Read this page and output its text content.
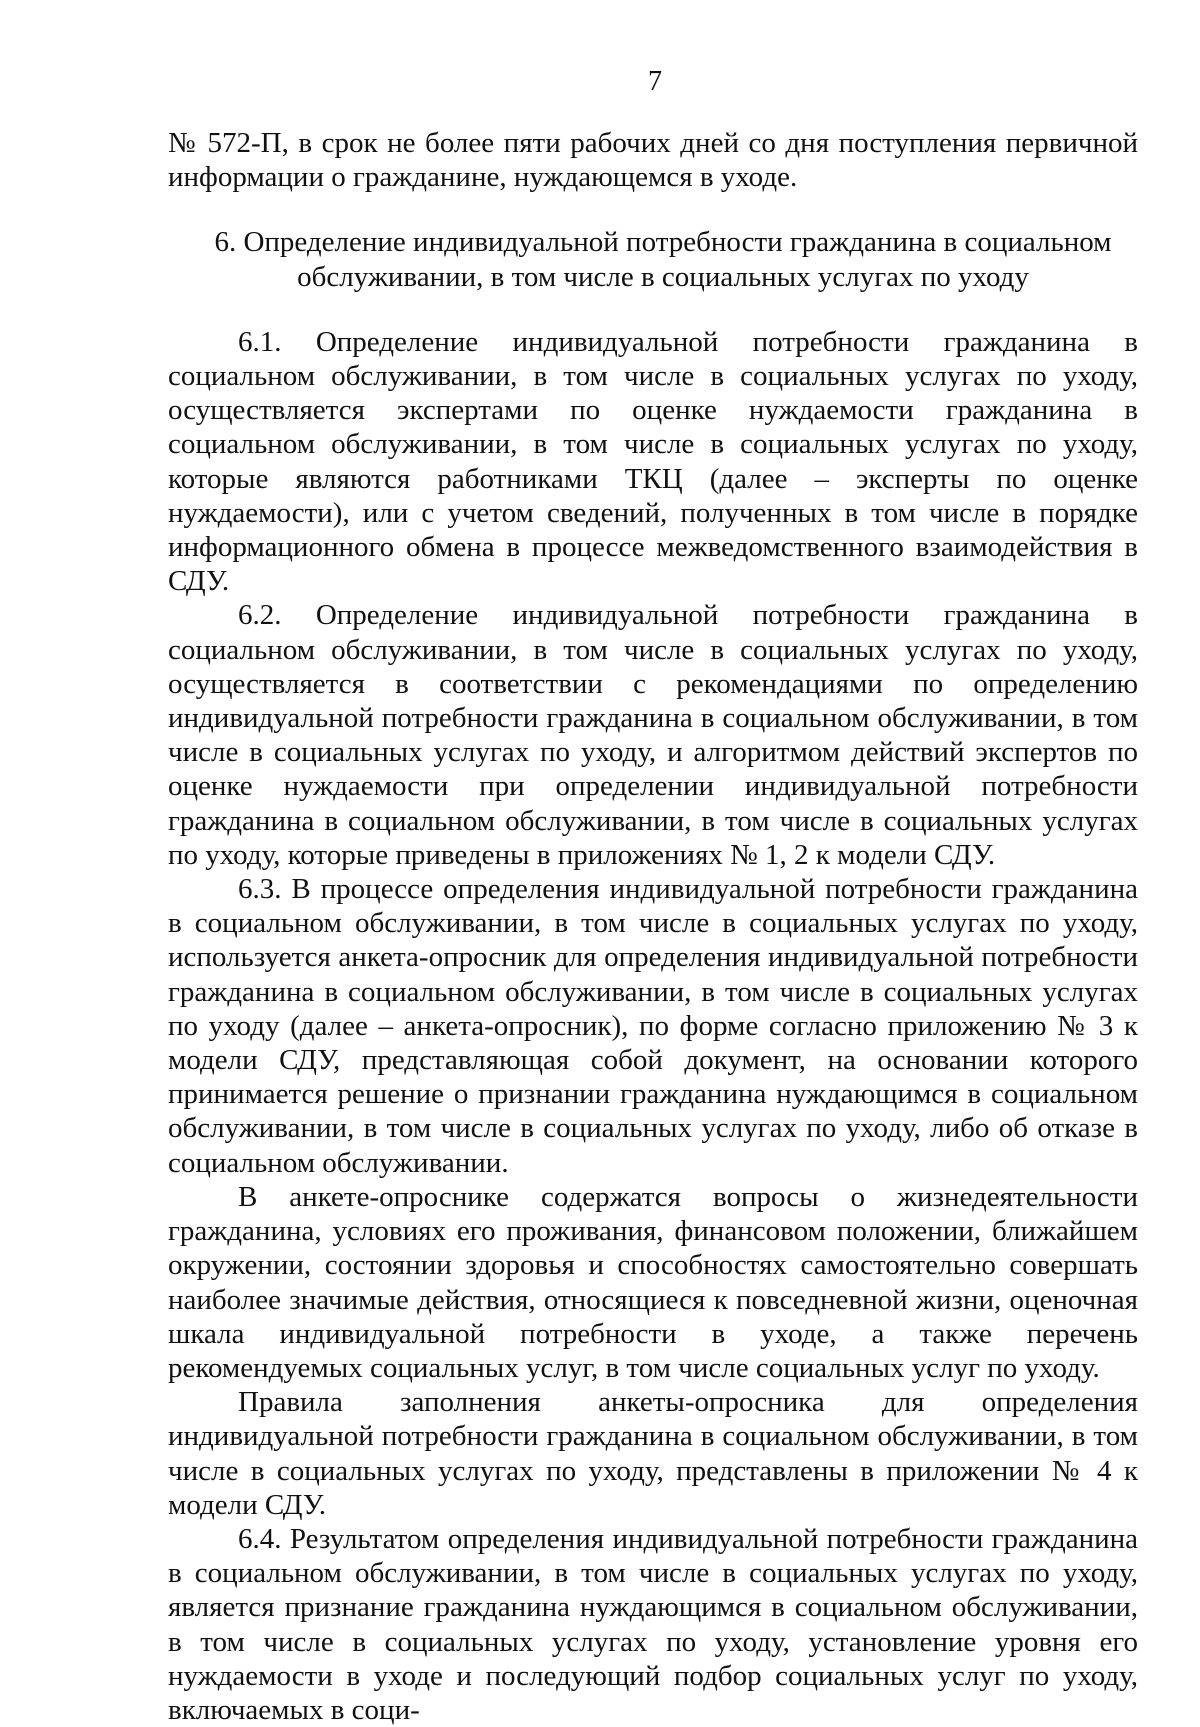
7

№ 572-П, в срок не более пяти рабочих дней со дня поступления первичной информации о гражданине, нуждающемся в уходе.

6. Определение индивидуальной потребности гражданина в социальном обслуживании, в том числе в социальных услугах по уходу

6.1. Определение индивидуальной потребности гражданина в социальном обслуживании, в том числе в социальных услугах по уходу, осуществляется экспертами по оценке нуждаемости гражданина в социальном обслуживании, в том числе в социальных услугах по уходу, которые являются работниками ТКЦ (далее – эксперты по оценке нуждаемости), или с учетом сведений, полученных в том числе в порядке информационного обмена в процессе межведомственного взаимодействия в СДУ.

6.2. Определение индивидуальной потребности гражданина в социальном обслуживании, в том числе в социальных услугах по уходу, осуществляется в соответствии с рекомендациями по определению индивидуальной потребности гражданина в социальном обслуживании, в том числе в социальных услугах по уходу, и алгоритмом действий экспертов по оценке нуждаемости при определении индивидуальной потребности гражданина в социальном обслуживании, в том числе в социальных услугах по уходу, которые приведены в приложениях № 1, 2 к модели СДУ.

6.3. В процессе определения индивидуальной потребности гражданина в социальном обслуживании, в том числе в социальных услугах по уходу, используется анкета-опросник для определения индивидуальной потребности гражданина в социальном обслуживании, в том числе в социальных услугах по уходу (далее – анкета-опросник), по форме согласно приложению № 3 к модели СДУ, представляющая собой документ, на основании которого принимается решение о признании гражданина нуждающимся в социальном обслуживании, в том числе в социальных услугах по уходу, либо об отказе в социальном обслуживании.

В анкете-опроснике содержатся вопросы о жизнедеятельности гражданина, условиях его проживания, финансовом положении, ближайшем окружении, состоянии здоровья и способностях самостоятельно совершать наиболее значимые действия, относящиеся к повседневной жизни, оценочная шкала индивидуальной потребности в уходе, а также перечень рекомендуемых социальных услуг, в том числе социальных услуг по уходу.

Правила заполнения анкеты-опросника для определения индивидуальной потребности гражданина в социальном обслуживании, в том числе в социальных услугах по уходу, представлены в приложении № 4 к модели СДУ.

6.4. Результатом определения индивидуальной потребности гражданина в социальном обслуживании, в том числе в социальных услугах по уходу, является признание гражданина нуждающимся в социальном обслуживании, в том числе в социальных услугах по уходу, установление уровня его нуждаемости в уходе и последующий подбор социальных услуг по уходу, включаемых в соци-
